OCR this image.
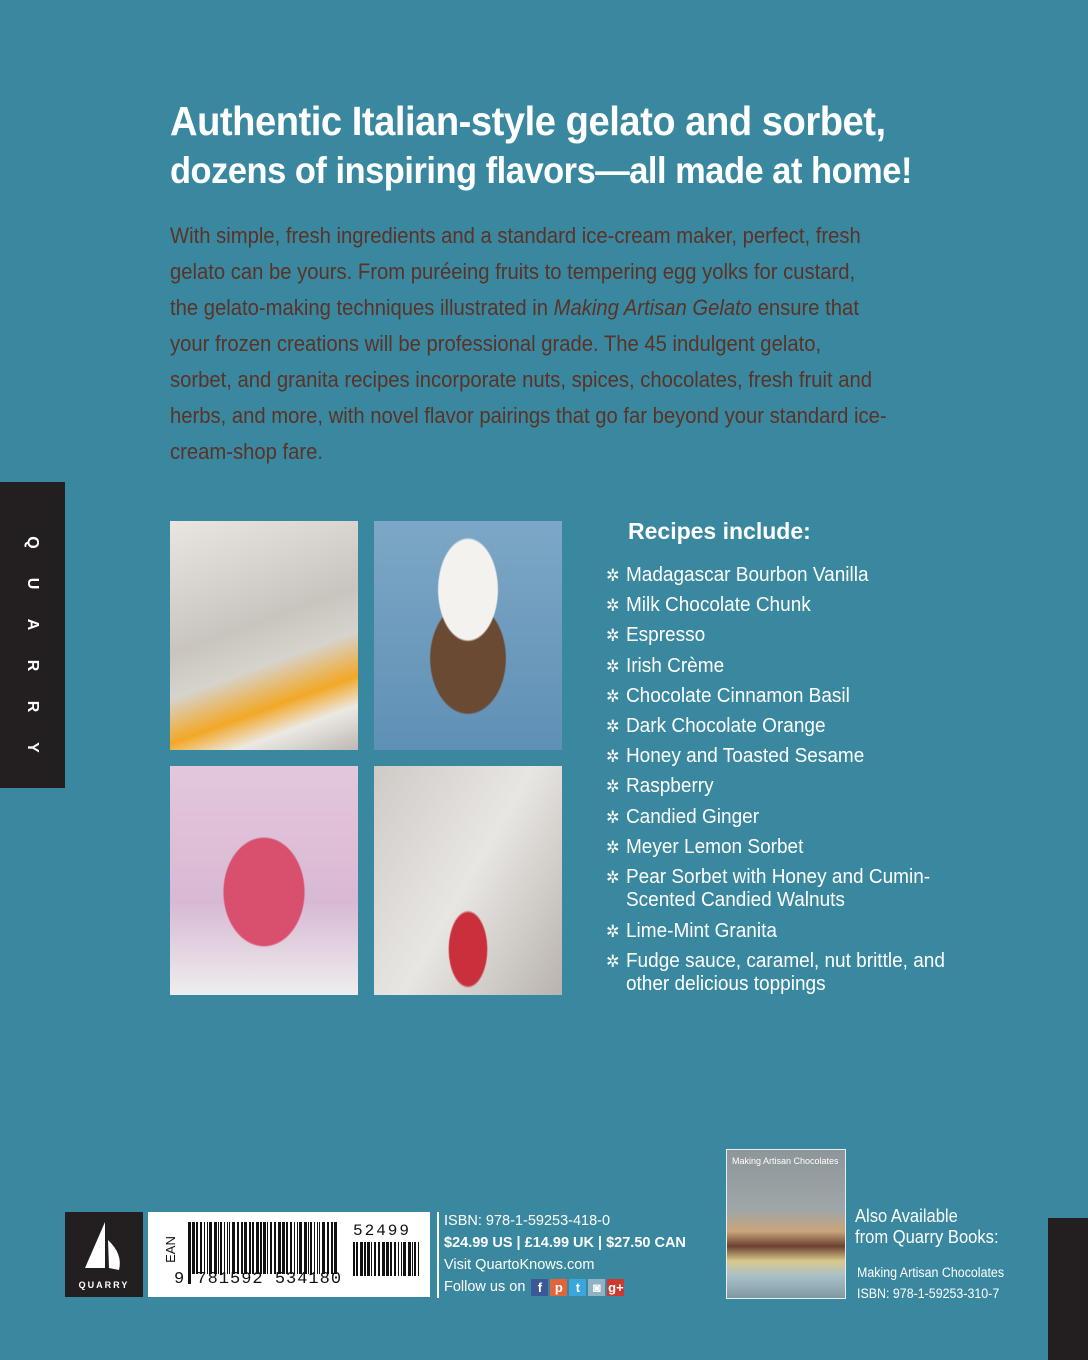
Authentic Italian-style gelato and sorbet,
dozens of inspiring flavors—all made at home!

With simple, fresh ingredients and a standard ice-cream maker, perfect, fresh gelato can be yours. From puréeing fruits to tempering egg yolks for custard, the gelato-making techniques illustrated in Making Artisan Gelato ensure that your frozen creations will be professional grade. The 45 indulgent gelato, sorbet, and granita recipes incorporate nuts, spices, chocolates, fresh fruit and herbs, and more, with novel flavor pairings that go far beyond your standard ice-cream-shop fare.

Q
U
A
R
R
Y
Recipes include:
✲ Madagascar Bourbon Vanilla
✲ Milk Chocolate Chunk
✲ Espresso
✲ Irish Crème
✲ Chocolate Cinnamon Basil
✲ Dark Chocolate Orange
✲ Honey and Toasted Sesame
✲ Raspberry
✲ Candied Ginger
✲ Meyer Lemon Sorbet
✲ Pear Sorbet with Honey and Cumin-Scented Candied Walnuts
✲ Lime-Mint Granita
✲ Fudge sauce, caramel, nut brittle, and other delicious toppings
QUARRY
EAN
9 781592 534180
52499
ISBN: 978-1-59253-418-0
$24.99 US | £14.99 UK | $27.50 CAN
Visit QuartoKnows.com
Follow us on f p t ◙ g+
Making Artisan Chocolates
Also Available
from Quarry Books:
Making Artisan Chocolates
ISBN: 978-1-59253-310-7
